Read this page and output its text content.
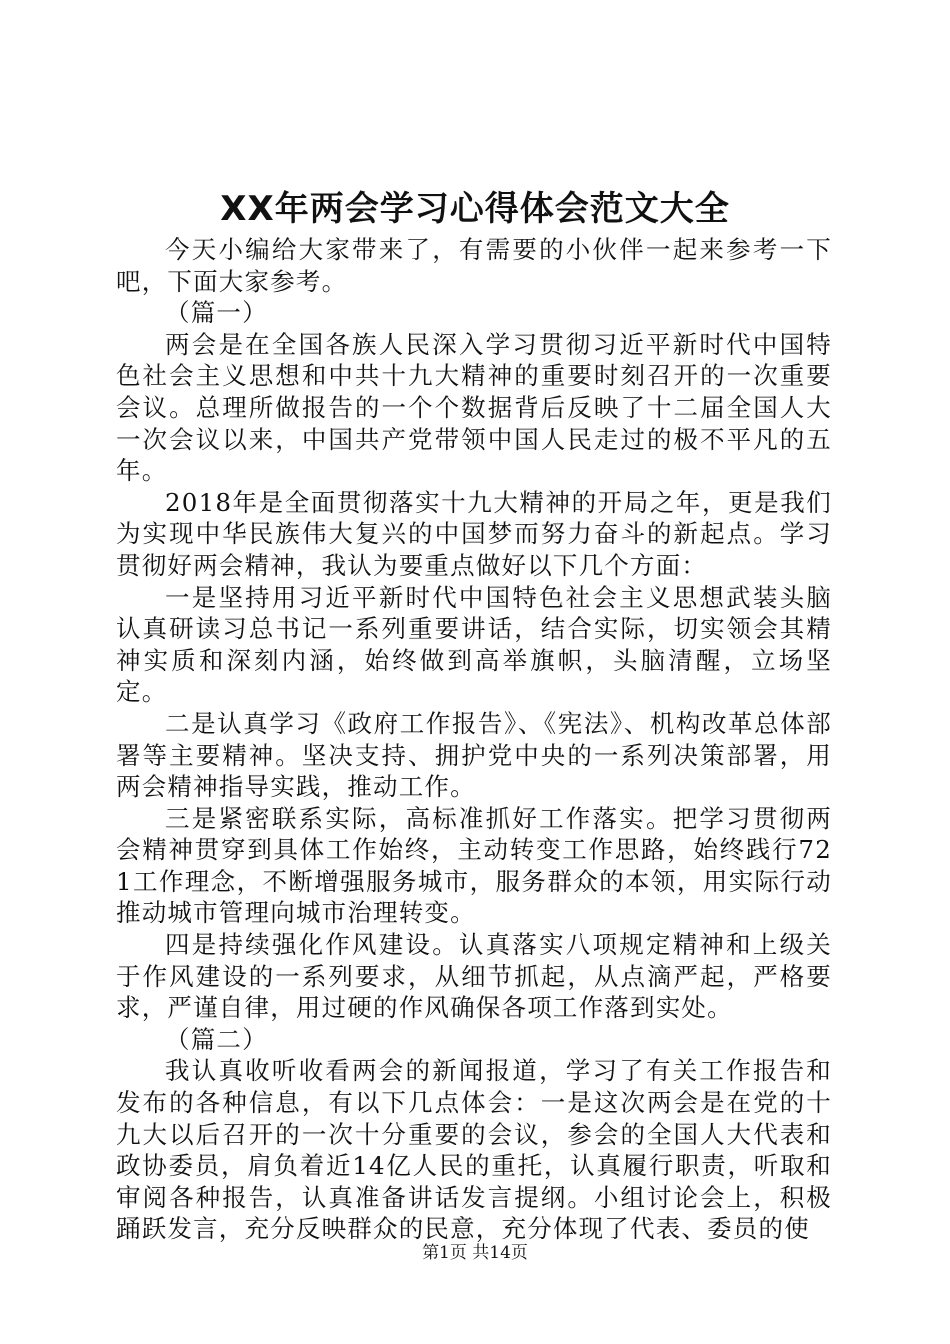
XX年两会学习心得体会范文大全

今天小编给大家带来了，有需要的小伙伴一起来参考一下吧，下面大家参考。

（篇一）

两会是在全国各族人民深入学习贯彻习近平新时代中国特色社会主义思想和中共十九大精神的重要时刻召开的一次重要会议。总理所做报告的一个个数据背后反映了十二届全国人大一次会议以来，中国共产党带领中国人民走过的极不平凡的五年。

2018年是全面贯彻落实十九大精神的开局之年，更是我们为实现中华民族伟大复兴的中国梦而努力奋斗的新起点。学习贯彻好两会精神，我认为要重点做好以下几个方面：

一是坚持用习近平新时代中国特色社会主义思想武装头脑认真研读习总书记一系列重要讲话，结合实际，切实领会其精神实质和深刻内涵，始终做到高举旗帜，头脑清醒，立场坚定。

二是认真学习《政府工作报告》、《宪法》、机构改革总体部署等主要精神。坚决支持、拥护党中央的一系列决策部署，用两会精神指导实践，推动工作。

三是紧密联系实际，高标准抓好工作落实。把学习贯彻两会精神贯穿到具体工作始终，主动转变工作思路，始终践行721工作理念，不断增强服务城市，服务群众的本领，用实际行动推动城市管理向城市治理转变。

四是持续强化作风建设。认真落实八项规定精神和上级关于作风建设的一系列要求，从细节抓起，从点滴严起，严格要求，严谨自律，用过硬的作风确保各项工作落到实处。

（篇二）

我认真收听收看两会的新闻报道，学习了有关工作报告和发布的各种信息，有以下几点体会：一是这次两会是在党的十九大以后召开的一次十分重要的会议，参会的全国人大代表和政协委员，肩负着近14亿人民的重托，认真履行职责，听取和审阅各种报告，认真准备讲话发言提纲。小组讨论会上，积极踊跃发言，充分反映群众的民意，充分体现了代表、委员的使

第1页 共14页
